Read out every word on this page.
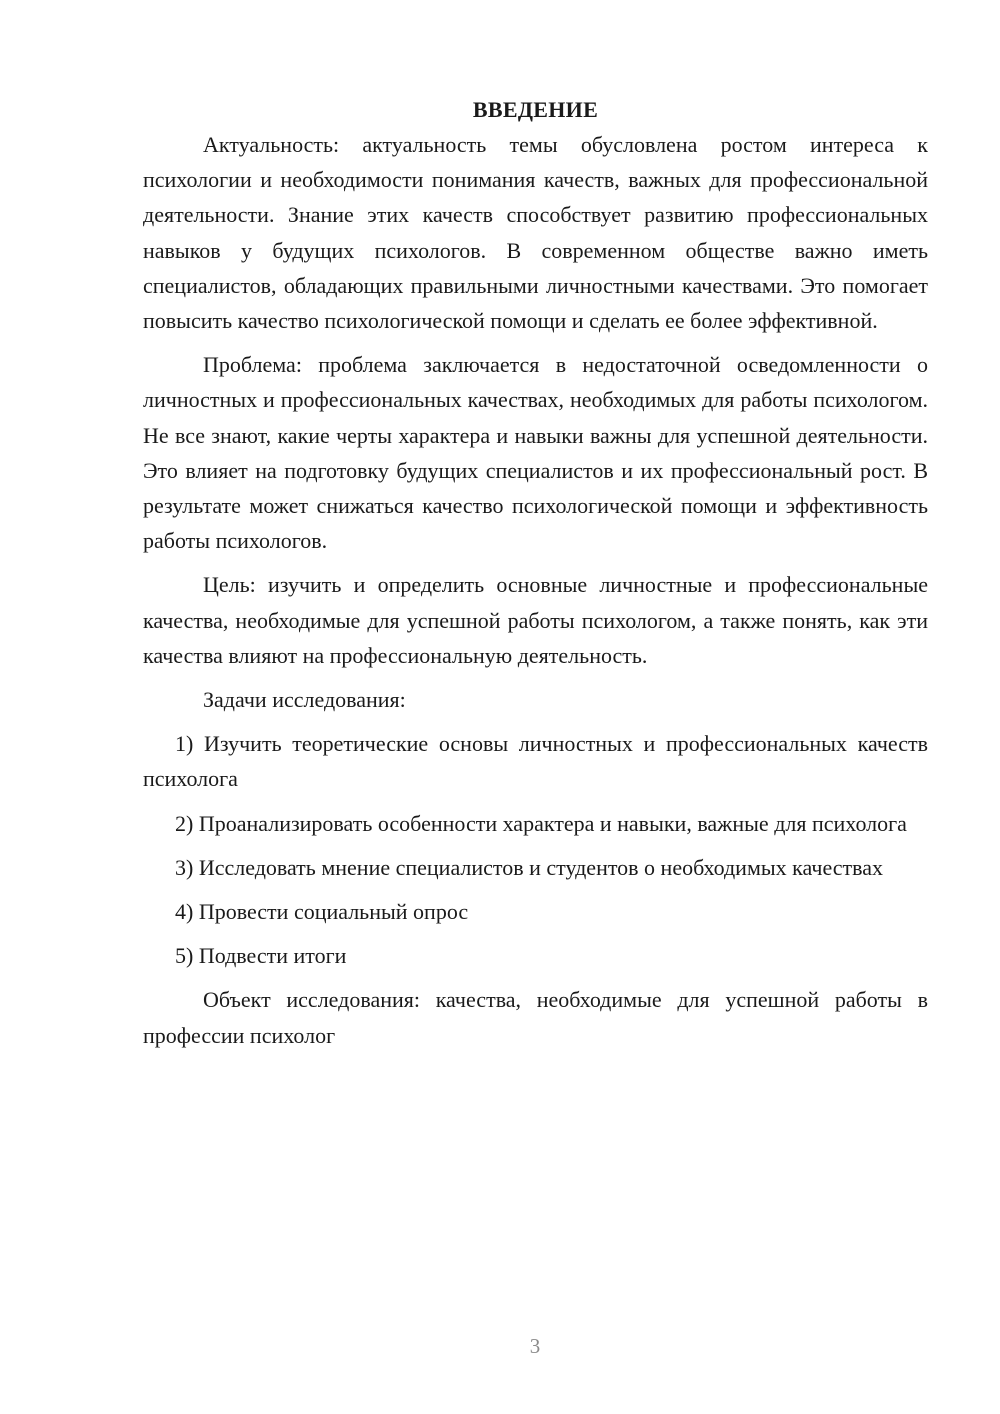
ВВЕДЕНИЕ

Актуальность: актуальность темы обусловлена ростом интереса к психологии и необходимости понимания качеств, важных для профессиональной деятельности. Знание этих качеств способствует развитию профессиональных навыков у будущих психологов. В современном обществе важно иметь специалистов, обладающих правильными личностными качествами. Это помогает повысить качество психологической помощи и сделать ее более эффективной.

Проблема: проблема заключается в недостаточной осведомленности о личностных и профессиональных качествах, необходимых для работы психологом. Не все знают, какие черты характера и навыки важны для успешной деятельности. Это влияет на подготовку будущих специалистов и их профессиональный рост. В результате может снижаться качество психологической помощи и эффективность работы психологов.

Цель: изучить и определить основные личностные и профессиональные качества, необходимые для успешной работы психологом, а также понять, как эти качества влияют на профессиональную деятельность.

Задачи исследования:

1) Изучить теоретические основы личностных и профессиональных качеств психолога

2) Проанализировать особенности характера и навыки, важные для психолога

3) Исследовать мнение специалистов и студентов о необходимых качествах

4) Провести социальный опрос

5) Подвести итоги

Объект исследования: качества, необходимые для успешной работы в профессии психолог

3
